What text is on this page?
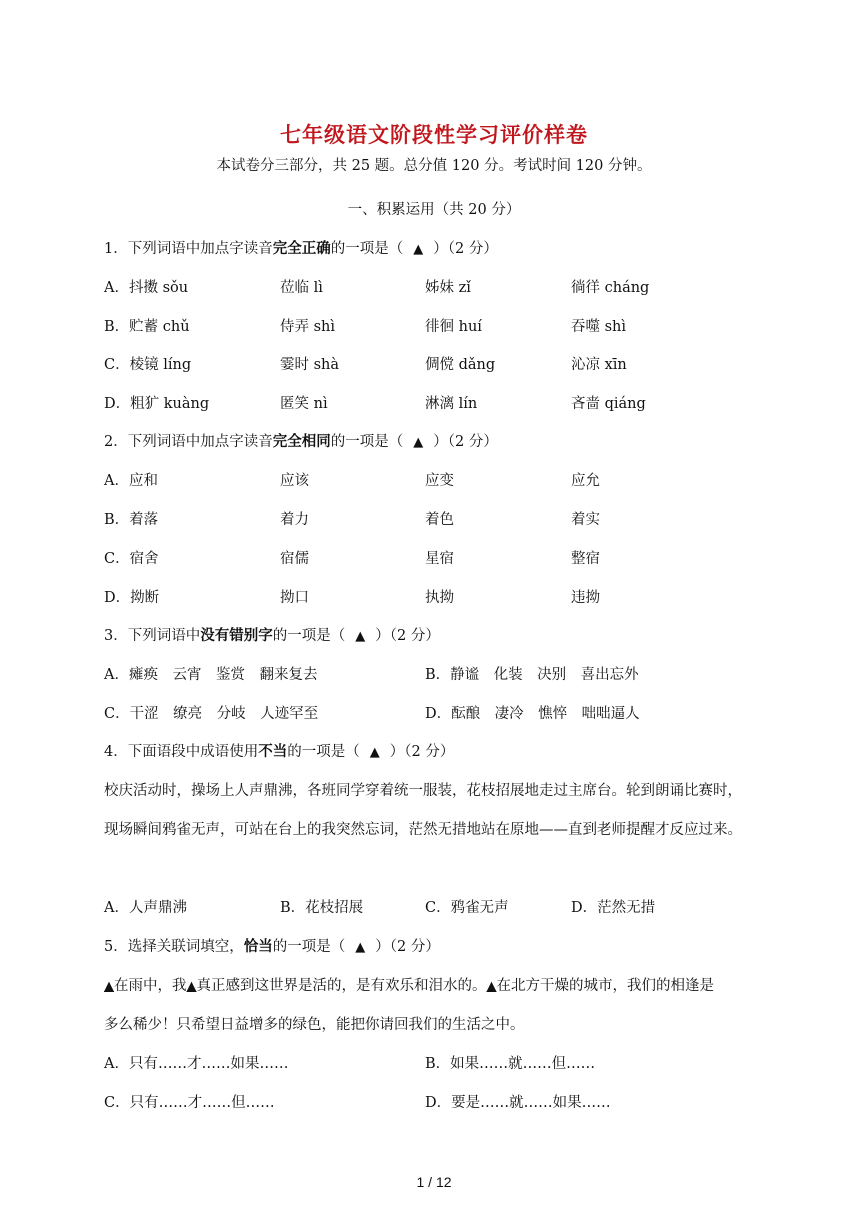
七年级语文阶段性学习评价样卷
本试卷分三部分，共 25 题。总分值 120 分。考试时间 120 分钟。
一、积累运用（共 20 分）
1．下列词语中加点字读音完全正确的一项是（ ▲ ）（2 分）
A．抖擞 sǒu	莅临 lì	姊妹 zǐ	徜徉 cháng
B．贮蓄 chǔ	侍弄 shì	徘徊 huí	吞噬 shì
C．棱镜 líng	霎时 shà	倜傥 dǎng	沁凉 xīn
D．粗犷 kuàng	匿笑 nì	淋漓 lín	吝啬 qiáng
2．下列词语中加点字读音完全相同的一项是（ ▲ ）（2 分）
A．应和	应该	应变	应允
B．着落	着力	着色	着实
C．宿舍	宿儒	星宿	整宿
D．拗断	拗口	执拗	违拗
3．下列词语中没有错别字的一项是（ ▲ ）（2 分）
A．瘫痪　云宵　鉴赏　翻来复去	B．静谧　化装　决别　喜出忘外
C．干涩　缭亮　分岐　人迹罕至	D．酝酿　凄冷　憔悴　咄咄逼人
4．下面语段中成语使用不当的一项是（ ▲ ）（2 分）
校庆活动时，操场上人声鼎沸，各班同学穿着统一服装，花枝招展地走过主席台。轮到朗诵比赛时，
现场瞬间鸦雀无声，可站在台上的我突然忘词，茫然无措地站在原地——直到老师提醒才反应过来。
A．人声鼎沸	B．花枝招展	C．鸦雀无声	D．茫然无措
5．选择关联词填空，恰当的一项是（ ▲ ）（2 分）
▲在雨中，我▲真正感到这世界是活的，是有欢乐和泪水的。▲在北方干燥的城市，我们的相逢是
多么稀少！只希望日益增多的绿色，能把你请回我们的生活之中。
A．只有……才……如果……	B．如果……就……但……
C．只有……才……但……	D．要是……就……如果……
1 / 12
